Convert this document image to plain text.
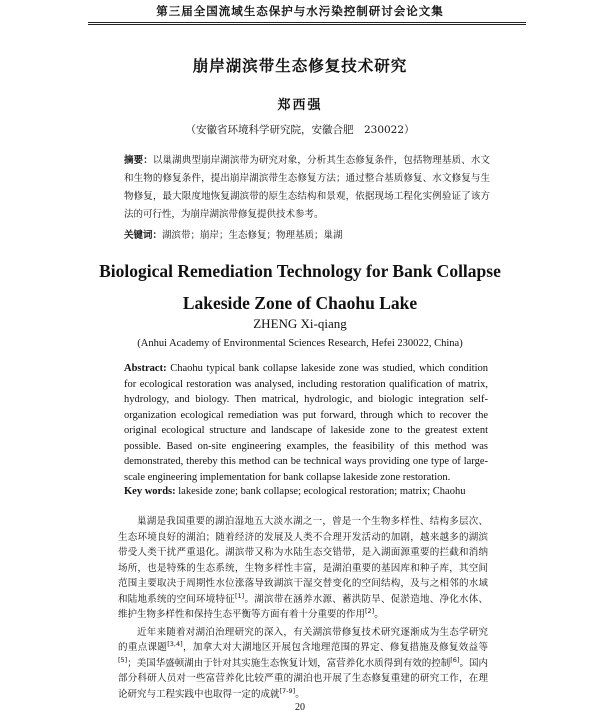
第三届全国流域生态保护与水污染控制研讨会论文集
崩岸湖滨带生态修复技术研究
郑西强
（安徽省环境科学研究院，安徽合肥　230022）
摘要：以巢湖典型崩岸湖滨带为研究对象，分析其生态修复条件，包括物理基质、水文和生物的修复条件，提出崩岸湖滨带生态修复方法；通过整合基质修复、水文修复与生物修复，最大限度地恢复湖滨带的原生态结构和景观，依据现场工程化实例验证了该方法的可行性，为崩岸湖滨带修复提供技术参考。
关键词：湖滨带；崩岸；生态修复；物理基质；巢湖
Biological Remediation Technology for Bank Collapse
Lakeside Zone of Chaohu Lake
ZHENG Xi-qiang
(Anhui Academy of Environmental Sciences Research, Hefei 230022, China)
Abstract: Chaohu typical bank collapse lakeside zone was studied, which condition for ecological restoration was analysed, including restoration qualification of matrix, hydrology, and biology. Then matrical, hydrologic, and biologic integration self-organization ecological remediation was put forward, through which to recover the original ecological structure and landscape of lakeside zone to the greatest extent possible. Based on-site engineering examples, the feasibility of this method was demonstrated, thereby this method can be technical ways providing one type of large-scale engineering implementation for bank collapse lakeside zone restoration.
Key words: lakeside zone; bank collapse; ecological restoration; matrix; Chaohu

巢湖是我国重要的湖泊湿地五大淡水湖之一，曾是一个生物多样性、结构多层次、生态环境良好的湖泊；随着经济的发展及人类不合理开发活动的加剧，越来越多的湖滨带受人类干扰严重退化。湖滨带又称为水陆生态交错带，是入湖面源重要的拦截和消纳场所，也是特殊的生态系统，生物多样性丰富，是湖泊重要的基因库和种子库，其空间范围主要取决于周期性水位涨落导致湖滨干湿交替变化的空间结构，及与之相邻的水域和陆地系统的空间环境特征[1]。湖滨带在涵养水源、蓄洪防旱、促淤造地、净化水体、维护生物多样性和保持生态平衡等方面有着十分重要的作用[2]。

近年来随着对湖泊治理研究的深入，有关湖滨带修复技术研究逐渐成为生态学研究的重点课题[3,4]，加拿大对大湖地区开展包含地理范围的界定、修复措施及修复效益等[5]；美国华盛顿湖由于针对其实施生态恢复计划，富营养化水质得到有效的控制[6]。国内部分科研人员对一些富营养化比较严重的湖泊也开展了生态修复重建的研究工作，在理论研究与工程实践中也取得一定的成就[7-9]。

20
